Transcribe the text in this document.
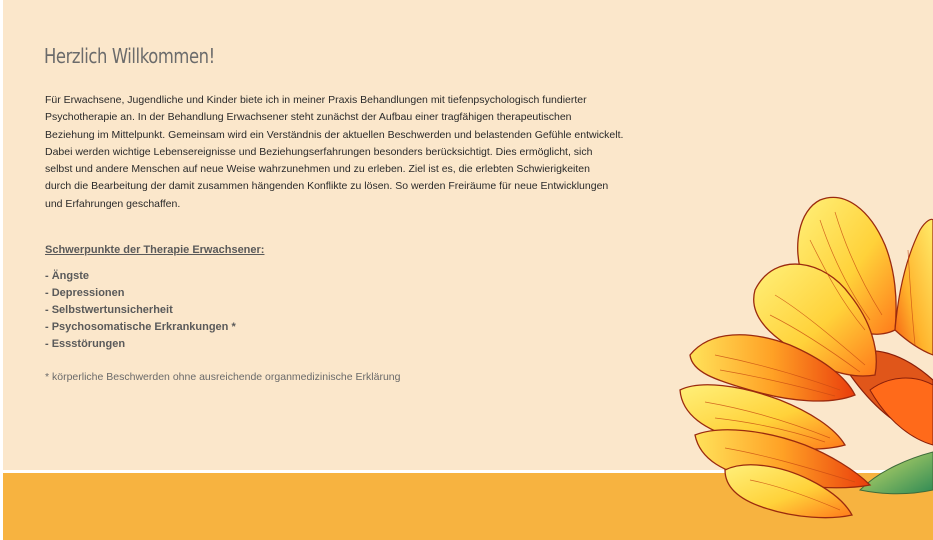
Herzlich Willkommen!
Für Erwachsene, Jugendliche und Kinder biete ich in meiner Praxis Behandlungen mit tiefenpsychologisch fundierter
Psychotherapie an. In der Behandlung Erwachsener steht zunächst der Aufbau einer tragfähigen therapeutischen
Beziehung im Mittelpunkt. Gemeinsam wird ein Verständnis der aktuellen Beschwerden und belastenden Gefühle entwickelt.
Dabei werden wichtige Lebensereignisse und Beziehungserfahrungen besonders berücksichtigt. Dies ermöglicht, sich
selbst und andere Menschen auf neue Weise wahrzunehmen und zu erleben. Ziel ist es, die erlebten Schwierigkeiten
durch die Bearbeitung der damit zusammen hängenden Konflikte zu lösen. So werden Freiräume für neue Entwicklungen
und Erfahrungen geschaffen.
Schwerpunkte der Therapie Erwachsener:
- Ängste
- Depressionen
- Selbstwertunsicherheit
- Psychosomatische Erkrankungen *
- Essstörungen
* körperliche Beschwerden ohne ausreichende organmedizinische Erklärung
